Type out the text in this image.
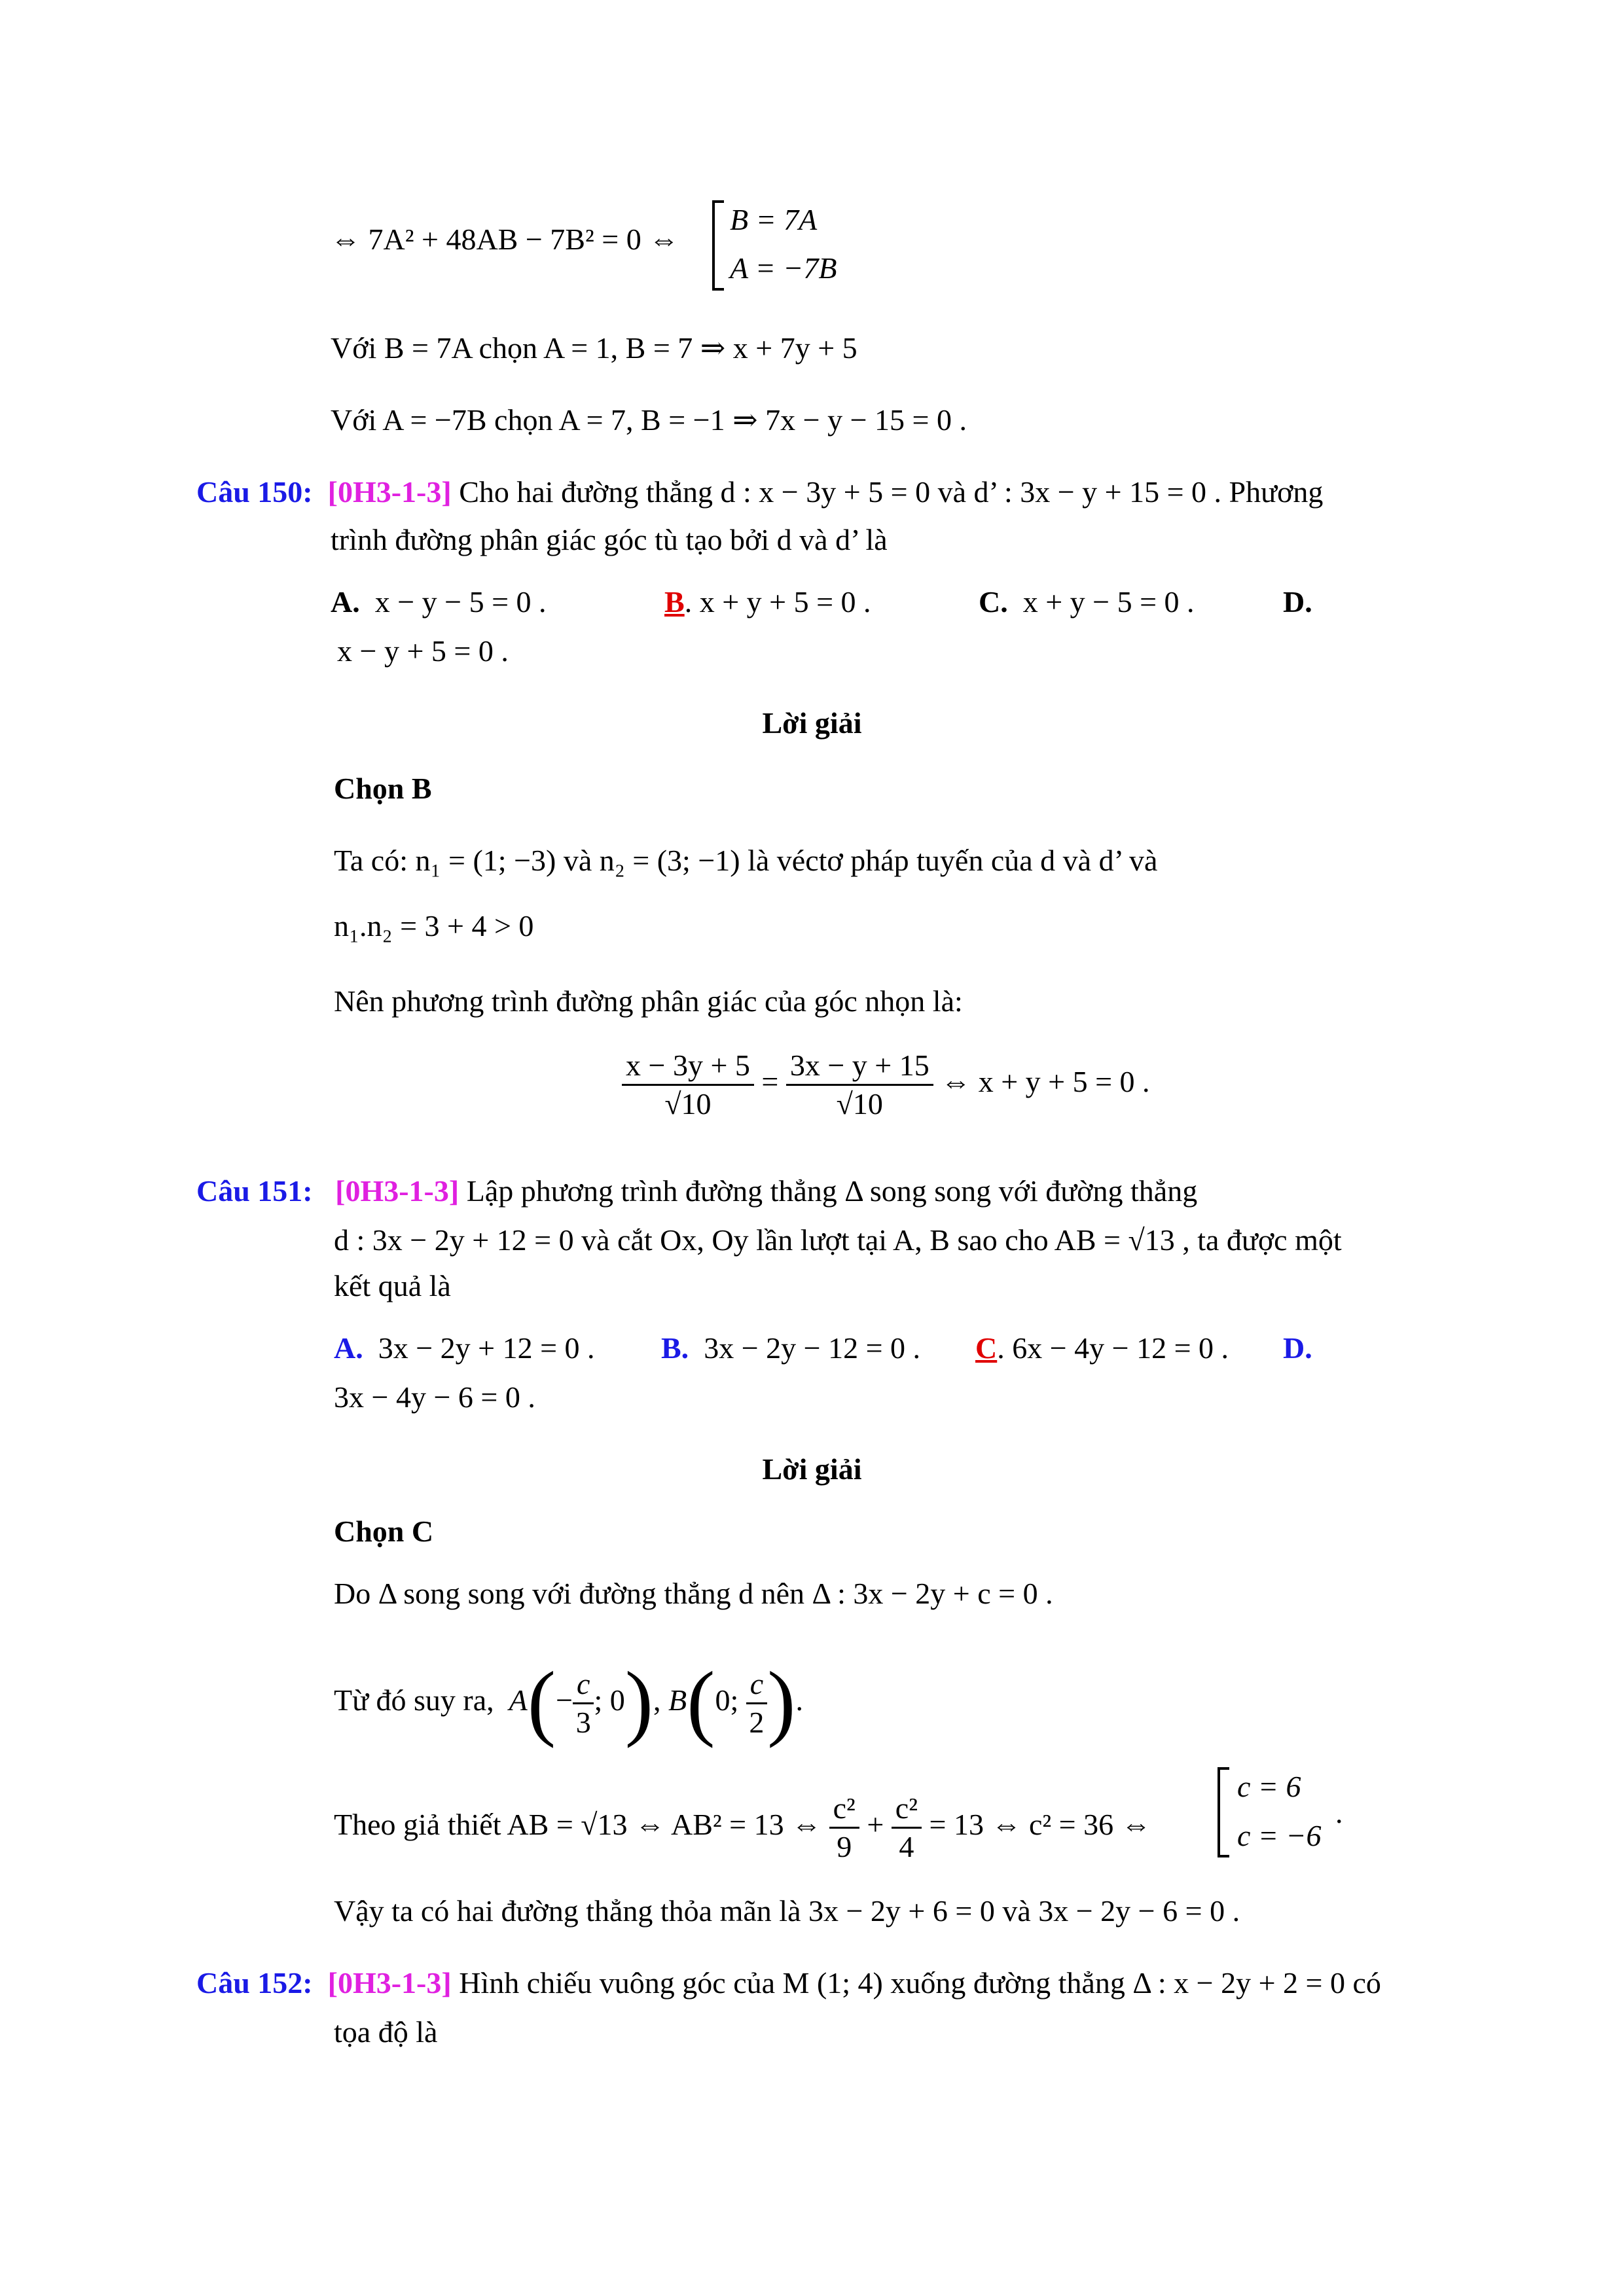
⇔ 7A² + 48AB − 7B² = 0 ⇔
B = 7A
A = −7B
Với B = 7A chọn A = 1, B = 7 ⇒ x + 7y + 5
Với A = −7B chọn A = 7, B = −1 ⇒ 7x − y − 15 = 0 .
Câu 150: [0H3-1-3] Cho hai đường thẳng d : x − 3y + 5 = 0 và d’ : 3x − y + 15 = 0 . Phương
trình đường phân giác góc tù tạo bởi d và d’ là
A. x − y − 5 = 0 .	B. x + y + 5 = 0 .	C. x + y − 5 = 0 .	D.
x − y + 5 = 0 .
Lời giải
Chọn B
Ta có: n₁ = (1; −3) và n₂ = (3; −1) là véctơ pháp tuyến của d và d’ và
n₁.n₂ = 3 + 4 > 0
Nên phương trình đường phân giác của góc nhọn là:
$\frac{x - 3y + 5}{√10} = \frac{3x - y + 15}{√10}$ ⇔ x + y + 5 = 0 .
Câu 151: [0H3-1-3] Lập phương trình đường thẳng Δ song song với đường thẳng
d : 3x − 2y + 12 = 0 và cắt Ox, Oy lần lượt tại A, B sao cho AB = √13 , ta được một
kết quả là
A. 3x − 2y + 12 = 0 . B. 3x − 2y − 12 = 0 . C. 6x − 4y − 12 = 0 . D.
3x − 4y − 6 = 0 .
Lời giải
Chọn C
Do Δ song song với đường thẳng d nên Δ : 3x − 2y + c = 0 .
Từ đó suy ra, $A(- \frac{c}{3}$ ; 0), B(0; $\frac{c}{2}$ ).
Theo giả thiết AB = √13 ⇔ AB² = 13 ⇔ $\frac{\text{c²}}{9} + \frac{\text{c²}}{4} = 13$ ⇔ c² = 36 ⇔
c = 6
c = −6
.
Vậy ta có hai đường thẳng thỏa mãn là 3x − 2y + 6 = 0 và 3x − 2y − 6 = 0 .
Câu 152: [0H3-1-3] Hình chiếu vuông góc của M (1; 4) xuống đường thẳng Δ : x − 2y + 2 = 0 có
tọa độ là
